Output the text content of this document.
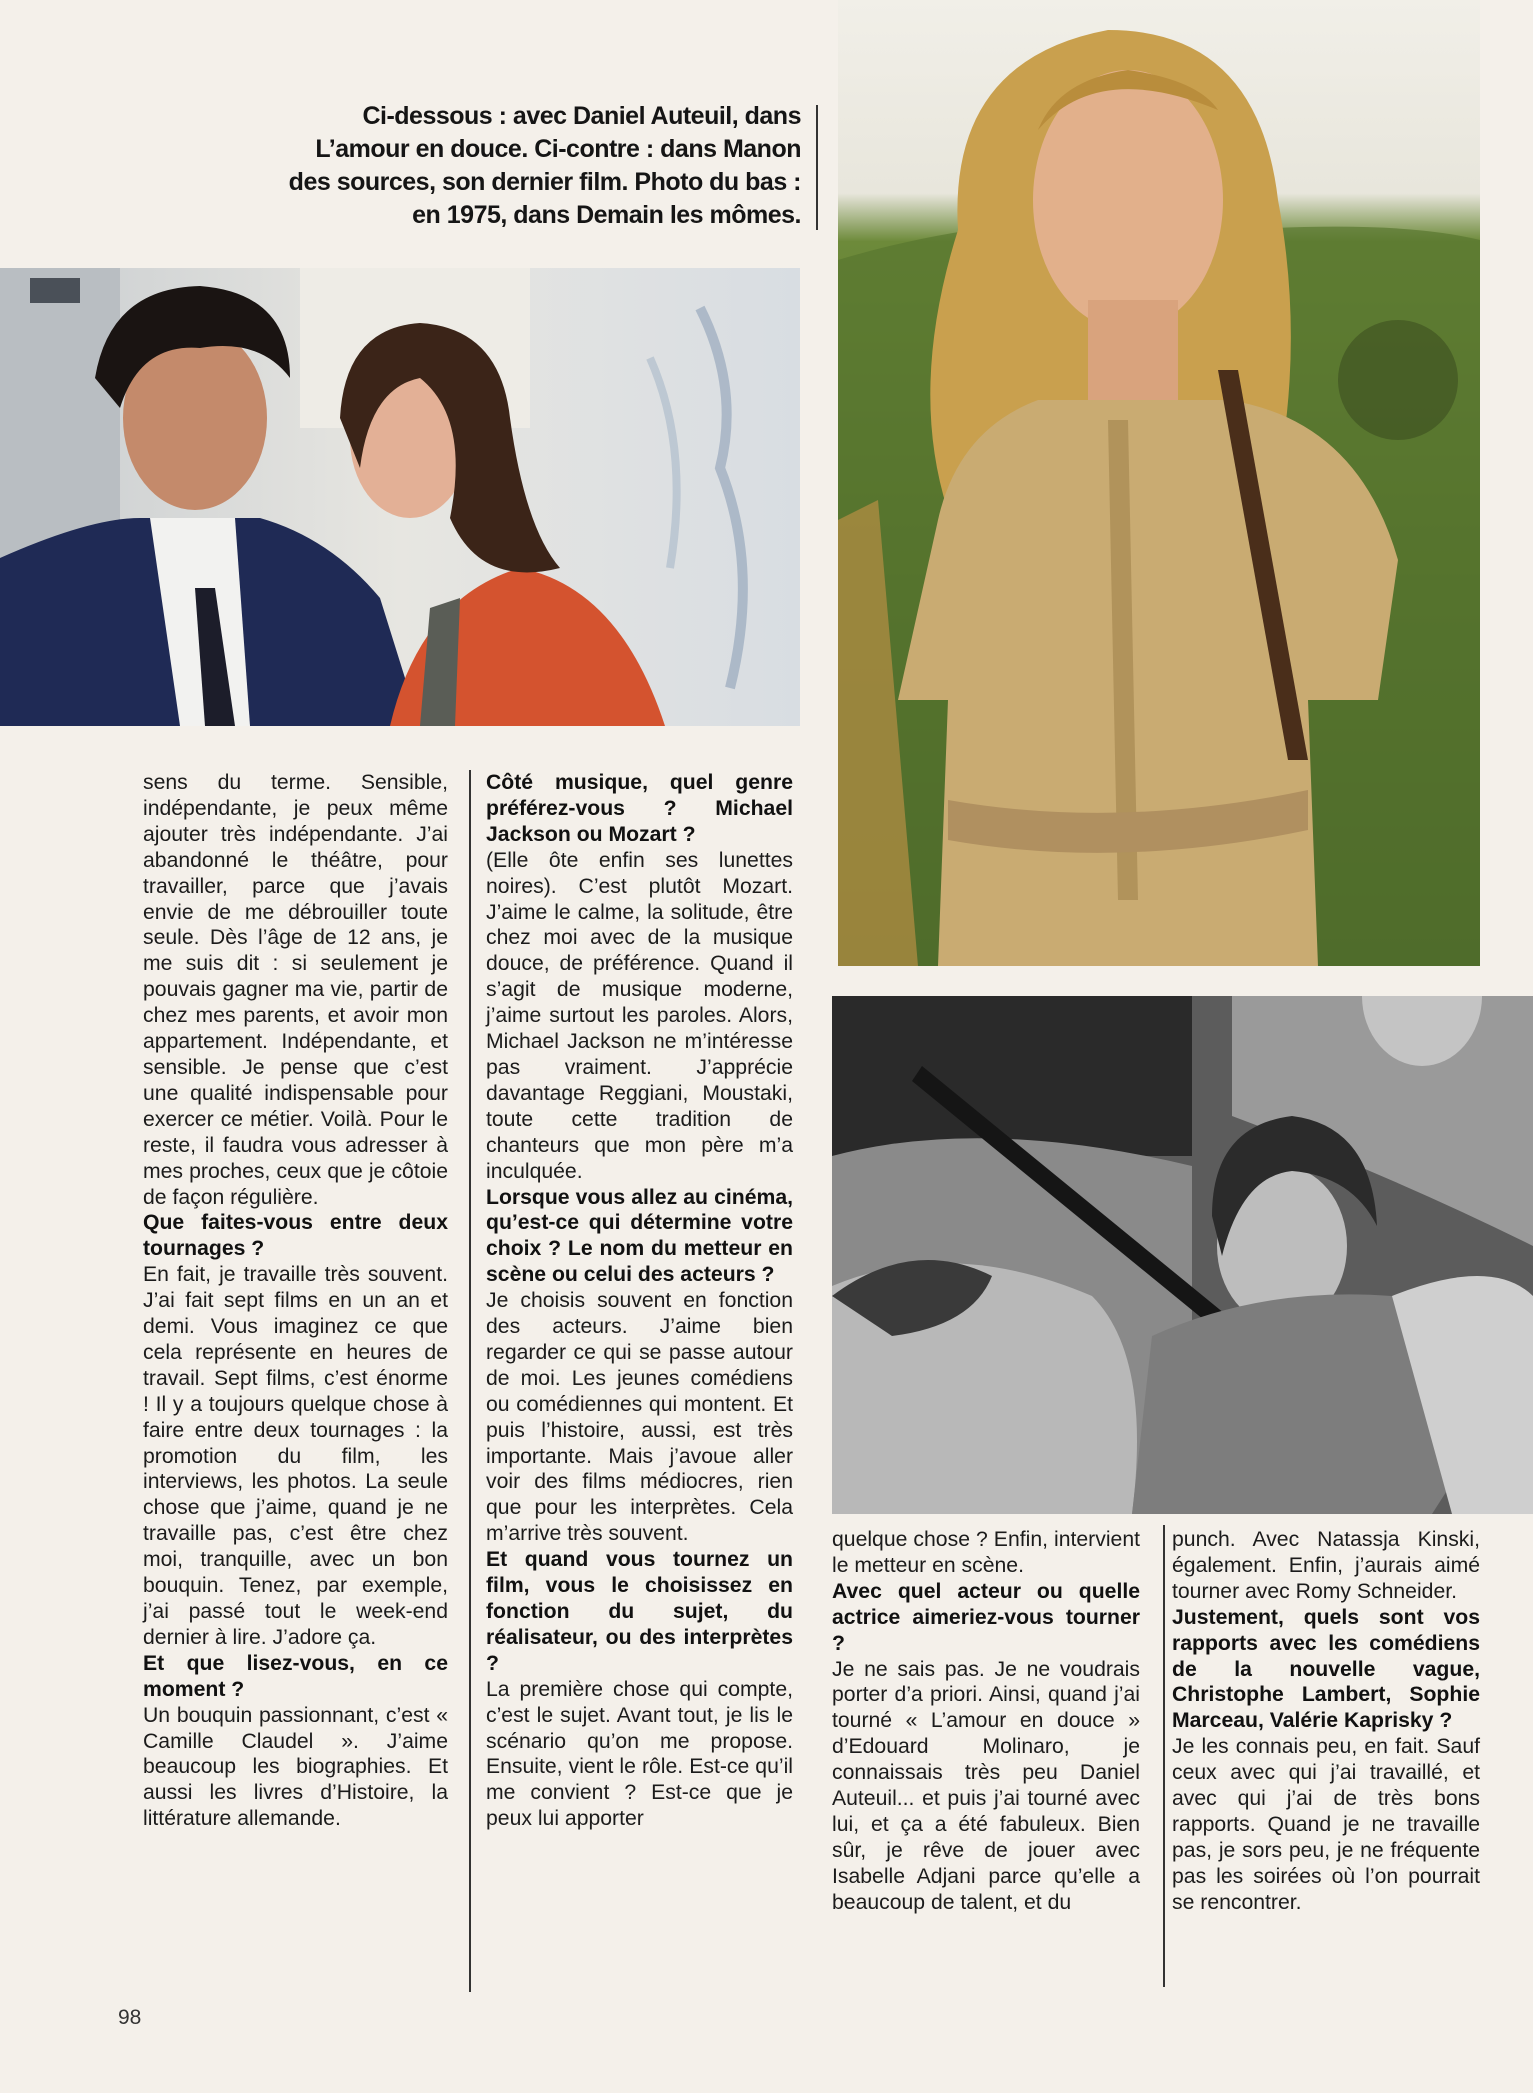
Ci-dessous : avec Daniel Auteuil, dans L’amour en douce. Ci-contre : dans Manon des sources, son dernier film. Photo du bas : en 1975, dans Demain les mômes.

sens du terme. Sensible, indépendante, je peux même ajouter très indépendante. J’ai abandonné le théâtre, pour travailler, parce que j’avais envie de me débrouiller toute seule. Dès l’âge de 12 ans, je me suis dit : si seulement je pouvais gagner ma vie, partir de chez mes parents, et avoir mon appartement. Indépendante, et sensible. Je pense que c’est une qualité indispensable pour exercer ce métier. Voilà. Pour le reste, il faudra vous adresser à mes proches, ceux que je côtoie de façon régulière.

Que faites-vous entre deux tournages ?

En fait, je travaille très souvent. J’ai fait sept films en un an et demi. Vous imaginez ce que cela représente en heures de travail. Sept films, c’est énorme ! Il y a toujours quelque chose à faire entre deux tournages : la promotion du film, les interviews, les photos. La seule chose que j’aime, quand je ne travaille pas, c’est être chez moi, tranquille, avec un bon bouquin. Tenez, par exemple, j’ai passé tout le week-end dernier à lire. J’adore ça.

Et que lisez-vous, en ce moment ?

Un bouquin passionnant, c’est « Camille Claudel ». J’aime beaucoup les biographies. Et aussi les livres d’Histoire, la littérature allemande.

Côté musique, quel genre préférez-vous ? Michael Jackson ou Mozart ?

(Elle ôte enfin ses lunettes noires). C’est plutôt Mozart. J’aime le calme, la solitude, être chez moi avec de la musique douce, de préférence. Quand il s’agit de musique moderne, j’aime surtout les paroles. Alors, Michael Jackson ne m’intéresse pas vraiment. J’apprécie davantage Reggiani, Moustaki, toute cette tradition de chanteurs que mon père m’a inculquée.

Lorsque vous allez au cinéma, qu’est-ce qui détermine votre choix ? Le nom du metteur en scène ou celui des acteurs ?

Je choisis souvent en fonction des acteurs. J’aime bien regarder ce qui se passe autour de moi. Les jeunes comédiens ou comédiennes qui montent. Et puis l’histoire, aussi, est très importante. Mais j’avoue aller voir des films médiocres, rien que pour les interprètes. Cela m’arrive très souvent.

Et quand vous tournez un film, vous le choisissez en fonction du sujet, du réalisateur, ou des interprètes ?

La première chose qui compte, c’est le sujet. Avant tout, je lis le scénario qu’on me propose. Ensuite, vient le rôle. Est-ce qu’il me convient ? Est-ce que je peux lui apporter

quelque chose ? Enfin, intervient le metteur en scène.

Avec quel acteur ou quelle actrice aimeriez-vous tourner ?

Je ne sais pas. Je ne voudrais porter d’a priori. Ainsi, quand j’ai tourné « L’amour en douce » d’Edouard Molinaro, je connaissais très peu Daniel Auteuil... et puis j’ai tourné avec lui, et ça a été fabuleux. Bien sûr, je rêve de jouer avec Isabelle Adjani parce qu’elle a beaucoup de talent, et du

punch. Avec Natassja Kinski, également. Enfin, j’aurais aimé tourner avec Romy Schneider.

Justement, quels sont vos rapports avec les comédiens de la nouvelle vague, Christophe Lambert, Sophie Marceau, Valérie Kaprisky ?

Je les connais peu, en fait. Sauf ceux avec qui j’ai travaillé, et avec qui j’ai de très bons rapports. Quand je ne travaille pas, je sors peu, je ne fréquente pas les soirées où l’on pourrait se rencontrer.

98
